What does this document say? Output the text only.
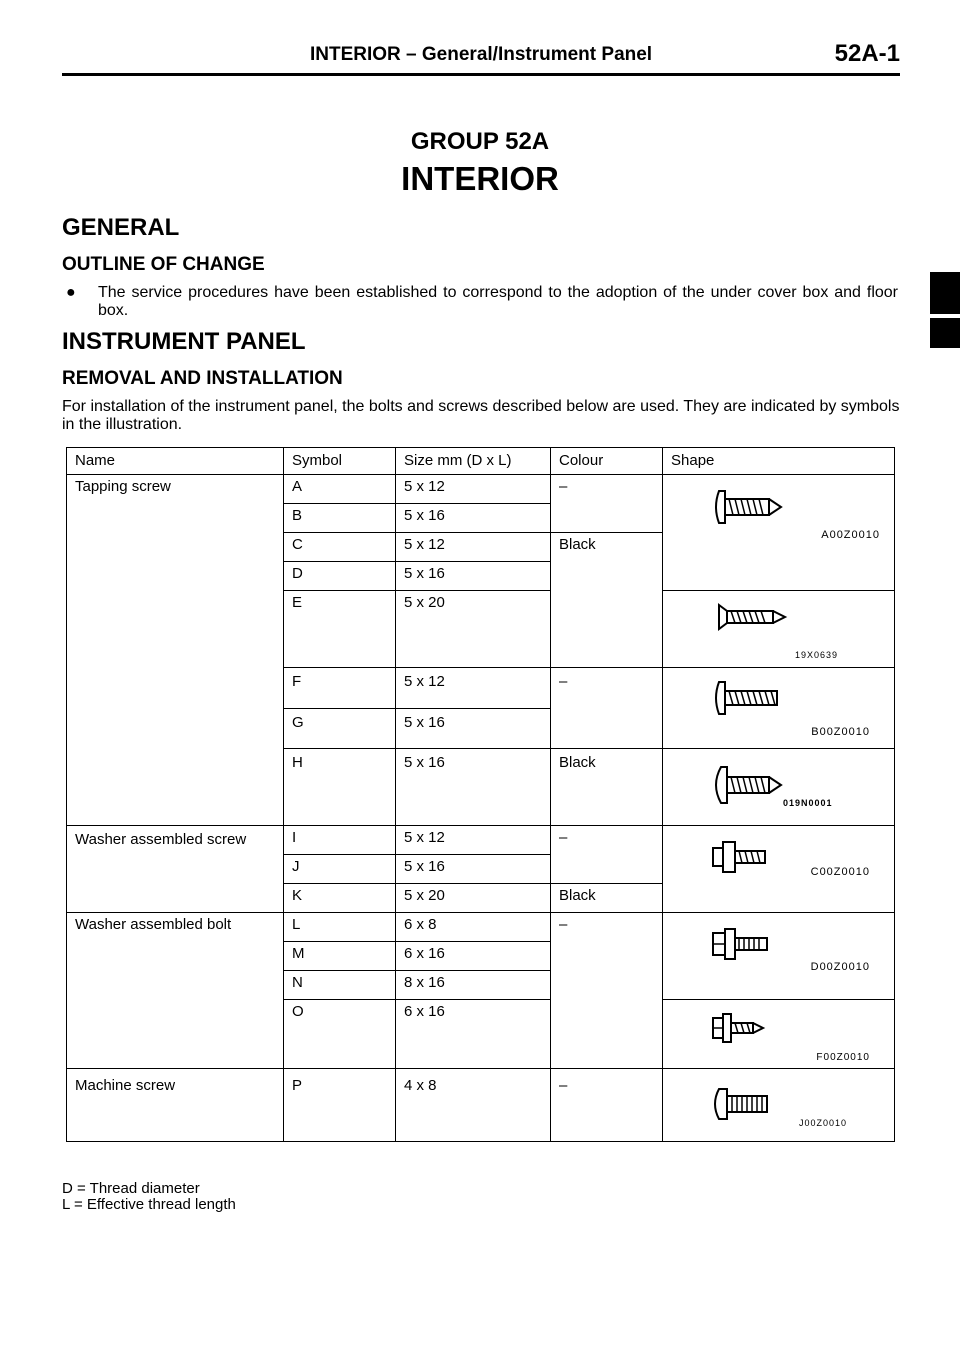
INTERIOR – General/Instrument Panel	52A-1
GROUP 52A
INTERIOR
GENERAL
OUTLINE OF CHANGE
● The service procedures have been established to correspond to the adoption of the under cover box and floor box.
INSTRUMENT PANEL
REMOVAL AND INSTALLATION
For installation of the instrument panel, the bolts and screws described below are used. They are indicated by symbols in the illustration.
Name	Symbol	Size mm (D x L)	Colour	Shape
Tapping screw	A	5 x 12	–	A00Z0010

	B	5 x 16		
	C	5 x 12	Black	
	D	5 x 16		
	E	5 x 20		19X0639

	F	5 x 12	–	B00Z0010

	G	5 x 16		
	H	5 x 16	Black	019N0001

Washer assembled screw	I	5 x 12	–	C00Z0010

	J	5 x 16		
	K	5 x 20	Black	
Washer assembled bolt	L	6 x 8	–	D00Z0010

	M	6 x 16		
	N	8 x 16		
	O	6 x 16		F00Z0010

Machine screw	P	4 x 8	–	J00Z0010
D = Thread diameter
L = Effective thread length
